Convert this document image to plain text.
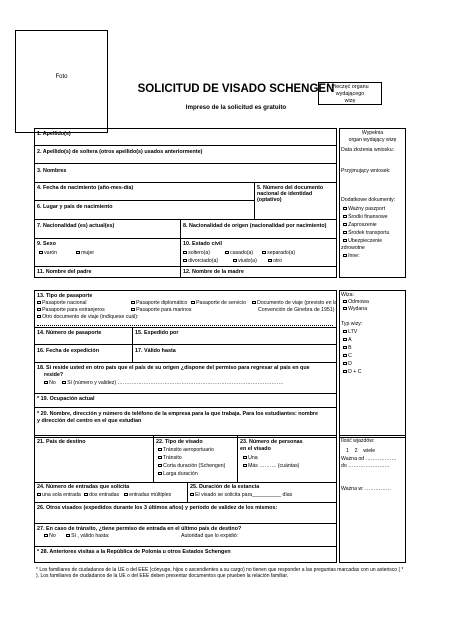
Foto
SOLICITUD DE VISADO SCHENGEN
Impreso de la solicitud es gratuito
Pieczęć organu wydającego wizę
1. Apellido(s)
2. Apellido(s) de soltera (otros apellido(s) usados anteriormente)
3. Nombres
4. Fecha de nacimiento (año-mes-día)	5. Número del documento nacional de identidad (optativo)
6. Lugar y país de nacimiento
7. Nacionalidad (es) actual(es)	8. Nacionalidad de origen (nacionalidad por nacimiento)
9. Sexo
varón	mujer
10. Estado civil
soltero(a)	casado(a)	separado(a)
divorciado(a)	viudo(a)	otro
11. Nombre del padre	12. Nombre de la madre
Wypełnia
organ wydający wizę
Data złożenia wniosku:
Przyjmujący wniosek:
Dodatkowe dokumenty:
Ważny paszport
Środki finansowe
Zaproszenie
Środek transportu
Ubezpieczenie
zdrowotne
Inne:
13. Tipo de pasaporte
Pasaporte nacional
Pasaporte para extranjeros
Otro documento de viaje (indíquese cuál):
Pasaporte diplomático
Pasaporte para marinos
Pasaporte de servicio	Documento de viaje (previsto en la
Convención de Ginebra de 1951)
14. Número de pasaporte	15. Expedido por
16. Fecha de expedición	17. Válido hasta
18. Si reside usted en otro país que el país de su origen ¿dispone del permiso para regresar al país en que
reside?
No	Sí (número y validez) ……………………………………………………………………………………
* 19. Ocupación actual
* 20. Nombre, dirección y número de teléfono de la empresa para la que trabaja. Para los estudiantes: nombre
y dirección del centro en el que estudian
Wiza:
Odmowa
Wydana
Typ wizy:
LTV
A
B
C
D
D + C
21. País de destino	22. Tipo de visado
Tránsito aeroportuario
Tránsito
Corta duración (Schengen)
Larga duración
23. Número de personas
en el visado
Una
Más ………. (cuántas)
24. Número de entradas que solicita
una sola entrada	dos entradas	entradas múltiples
25. Duración de la estancia
El visado se solicita para__________ días
26. Otros visados (expedidos durante los 3 últimos años) y período de validez de los mismos:
27. En caso de tránsito, ¿tiene permiso de entrada en el último país de destino?
No	Sí , válido hasta:	Autoridad que lo expidió:
* 28. Anteriores visitas a la República de Polonia u otros Estados Schengen
Ilość wjazdów:
1    2    wiele
Ważna od ………………
do ……………………
Ważna w: ……………
* Los familiares de ciudadanos de la UE o del EEE (cónyuge, hijos o ascendientes a su cargo) no tienen que responder a las preguntas marcadas con un asterisco ( * ). Los familiares de ciudadanos de la UE o del EEE deben presentar documentos que prueben la relación familiar.
